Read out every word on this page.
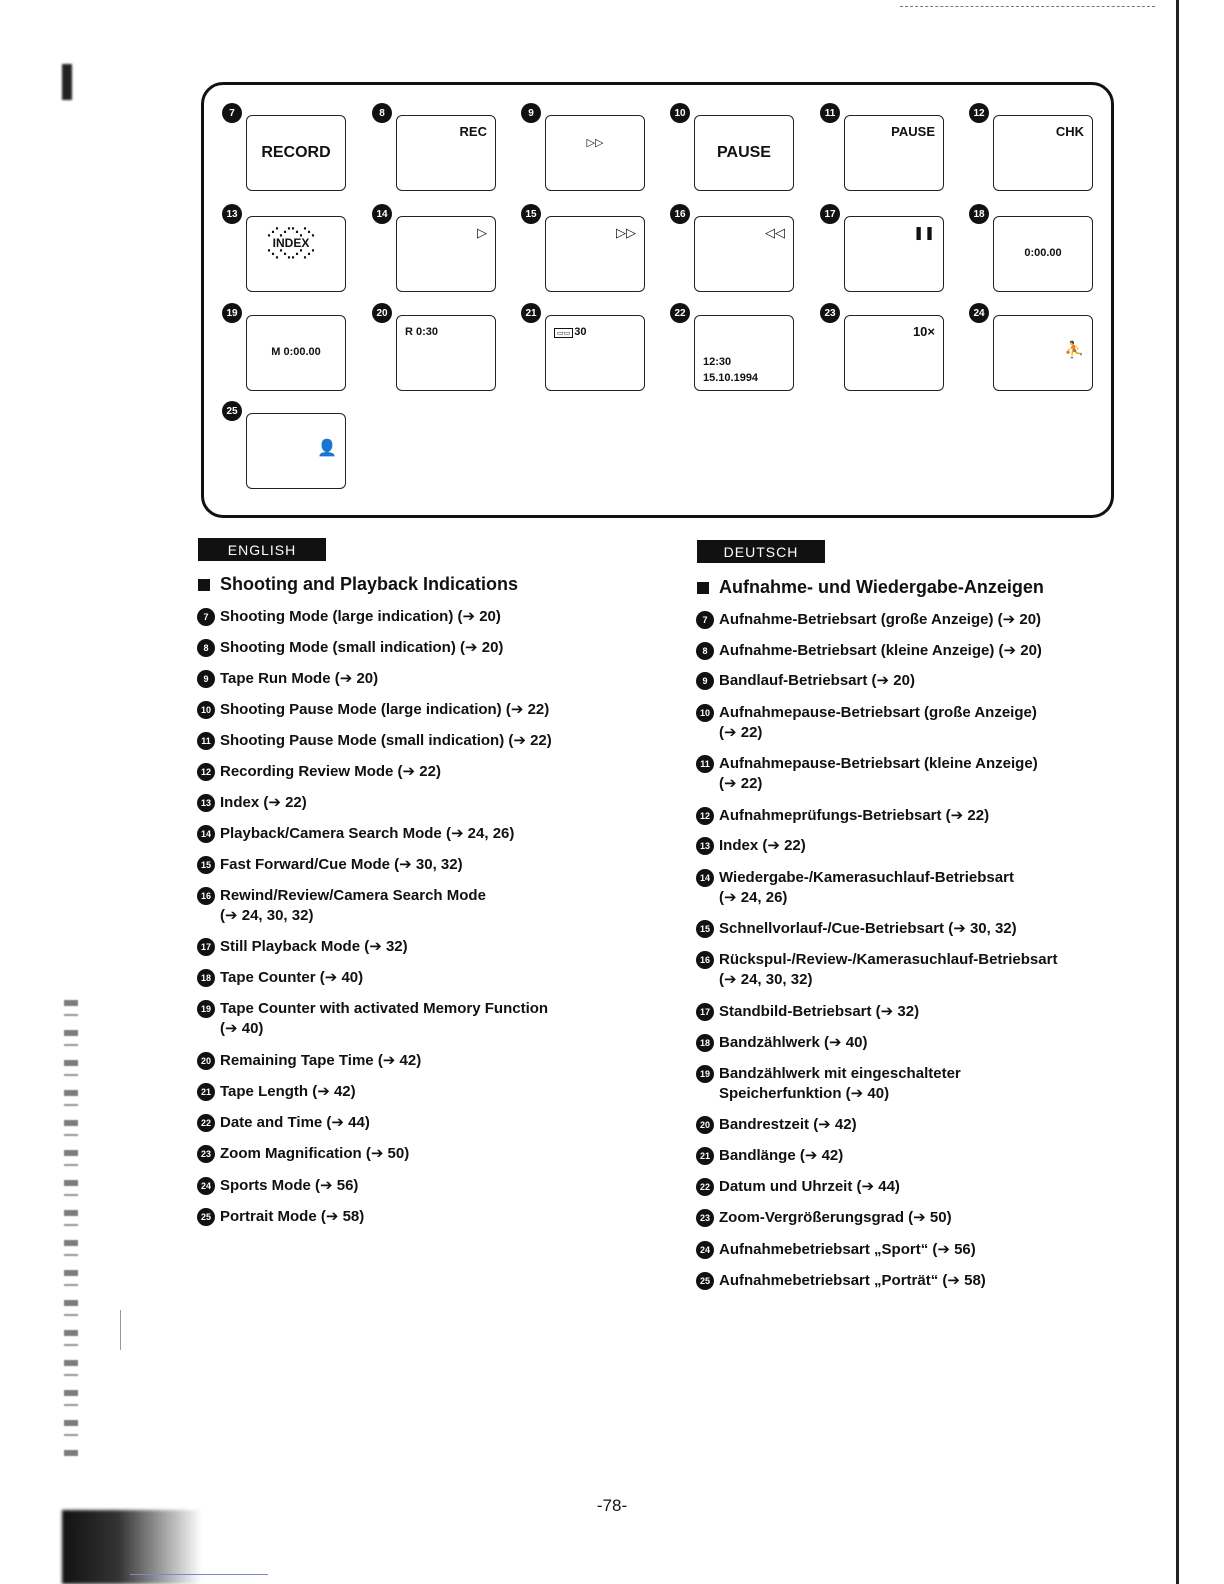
7
RECORD
8
REC
9
▷▷
10
PAUSE
11
PAUSE
12
CHK
13
⋰⋰⋱⋱
INDEX
⋱⋱⋰⋰
14
▷
15
▷▷
16
◁◁
17
❚❚
18
0:00.00
19
M 0:00.00
20
R 0:30
21
▭▭ 30
22
12:30
15.10.1994
23
10×
24
⛹
25
👤
ENGLISH
Shooting and Playback Indications
7 Shooting Mode (large indication) (➔ 20)
8 Shooting Mode (small indication) (➔ 20)
9 Tape Run Mode (➔ 20)
10 Shooting Pause Mode (large indication) (➔ 22)
11 Shooting Pause Mode (small indication) (➔ 22)
12 Recording Review Mode (➔ 22)
13 Index (➔ 22)
14 Playback/Camera Search Mode (➔ 24, 26)
15 Fast Forward/Cue Mode (➔ 30, 32)
16 Rewind/Review/Camera Search Mode
(➔ 24, 30, 32)
17 Still Playback Mode (➔ 32)
18 Tape Counter (➔ 40)
19 Tape Counter with activated Memory Function
(➔ 40)
20 Remaining Tape Time (➔ 42)
21 Tape Length (➔ 42)
22 Date and Time (➔ 44)
23 Zoom Magnification (➔ 50)
24 Sports Mode (➔ 56)
25 Portrait Mode (➔ 58)
DEUTSCH
Aufnahme- und Wiedergabe-Anzeigen
7 Aufnahme-Betriebsart (große Anzeige) (➔ 20)
8 Aufnahme-Betriebsart (kleine Anzeige) (➔ 20)
9 Bandlauf-Betriebsart (➔ 20)
10 Aufnahmepause-Betriebsart (große Anzeige)
(➔ 22)
11 Aufnahmepause-Betriebsart (kleine Anzeige)
(➔ 22)
12 Aufnahmeprüfungs-Betriebsart (➔ 22)
13 Index (➔ 22)
14 Wiedergabe-/Kamerasuchlauf-Betriebsart
(➔ 24, 26)
15 Schnellvorlauf-/Cue-Betriebsart (➔ 30, 32)
16 Rückspul-/Review-/Kamerasuchlauf-Betriebsart
(➔ 24, 30, 32)
17 Standbild-Betriebsart (➔ 32)
18 Bandzählwerk (➔ 40)
19 Bandzählwerk mit eingeschalteter
Speicherfunktion (➔ 40)
20 Bandrestzeit (➔ 42)
21 Bandlänge (➔ 42)
22 Datum und Uhrzeit (➔ 44)
23 Zoom-Vergrößerungsgrad (➔ 50)
24 Aufnahmebetriebsart „Sport“ (➔ 56)
25 Aufnahmebetriebsart „Porträt“ (➔ 58)
-78-
